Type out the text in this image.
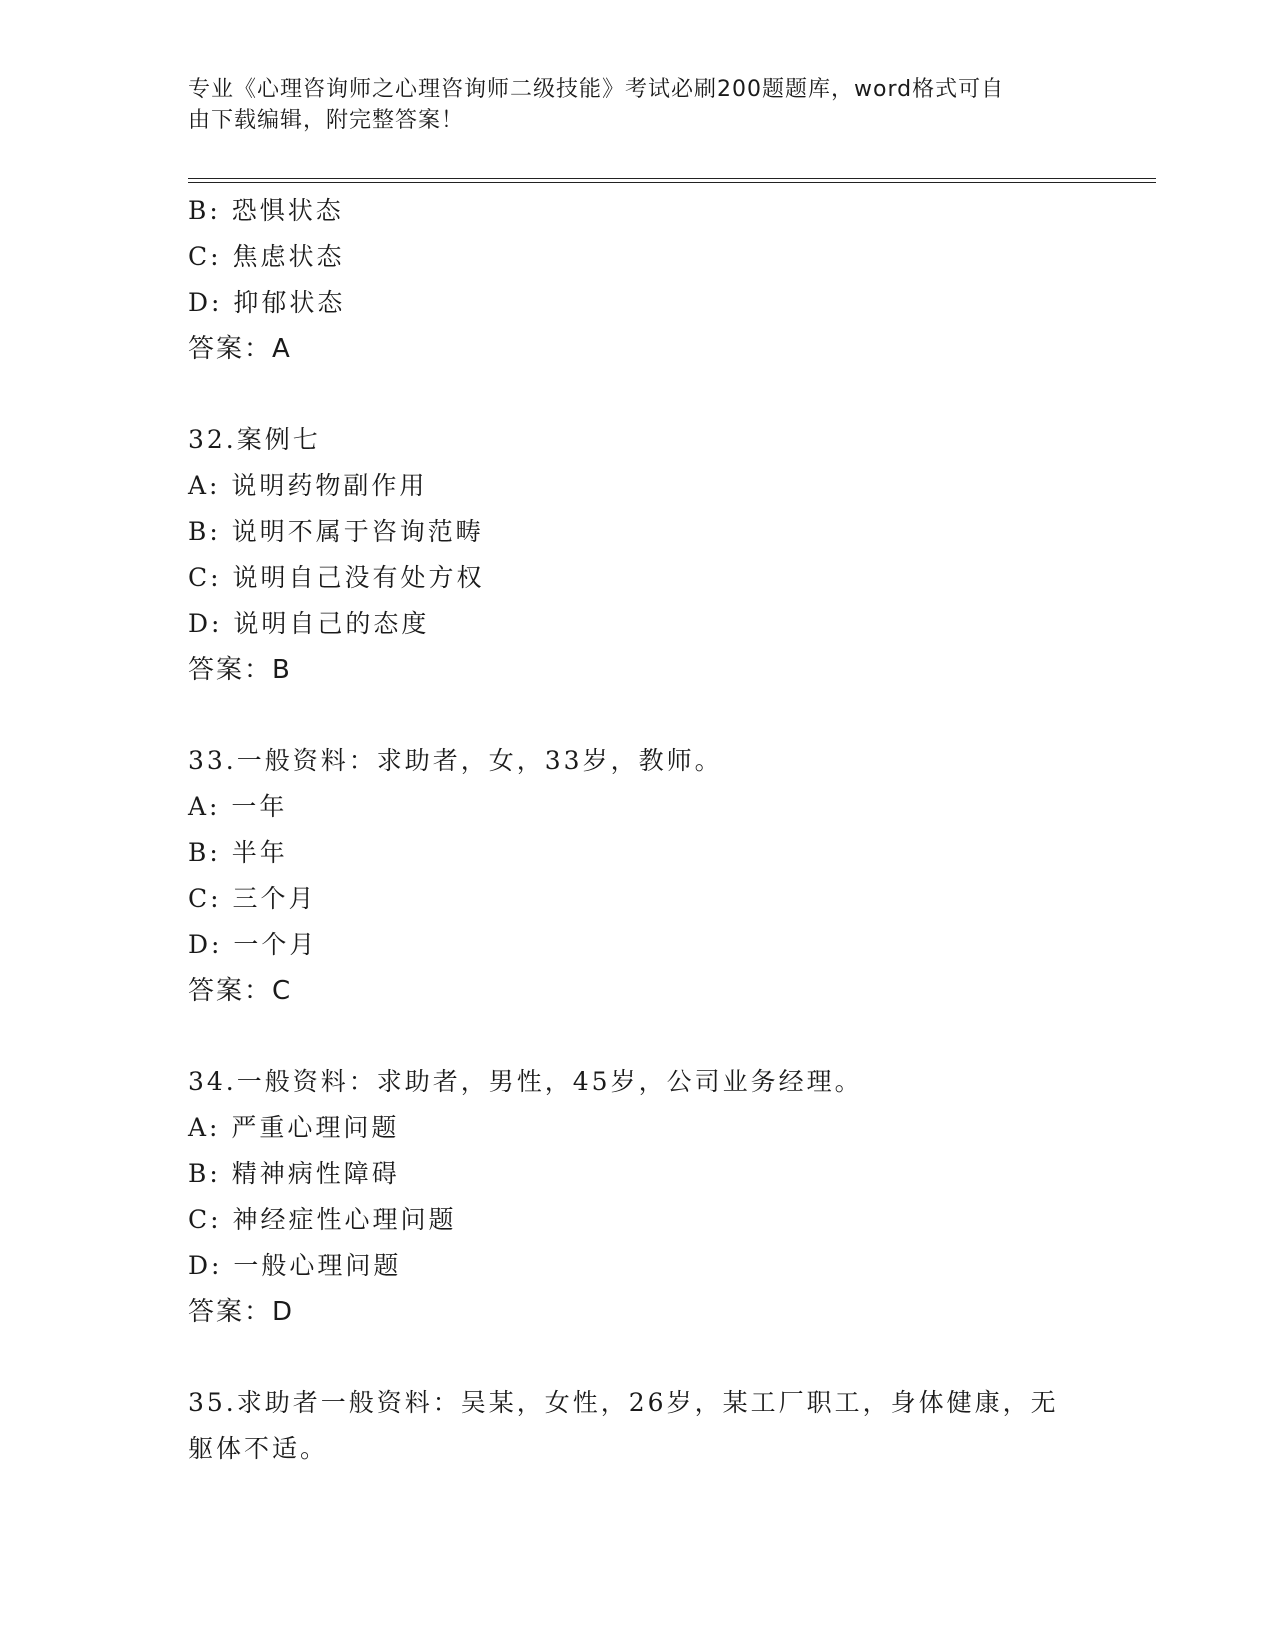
专业《心理咨询师之心理咨询师二级技能》考试必刷200题题库，word格式可自
由下载编辑，附完整答案！
B: 恐惧状态
C: 焦虑状态
D: 抑郁状态
答案：A
32.案例七
A: 说明药物副作用
B: 说明不属于咨询范畴
C: 说明自己没有处方权
D: 说明自己的态度
答案：B
33.一般资料：求助者，女，33岁，教师。
A: 一年
B: 半年
C: 三个月
D: 一个月
答案：C
34.一般资料：求助者，男性，45岁，公司业务经理。
A: 严重心理问题
B: 精神病性障碍
C: 神经症性心理问题
D: 一般心理问题
答案：D
35.求助者一般资料：吴某，女性，26岁，某工厂职工，身体健康，无
躯体不适。
